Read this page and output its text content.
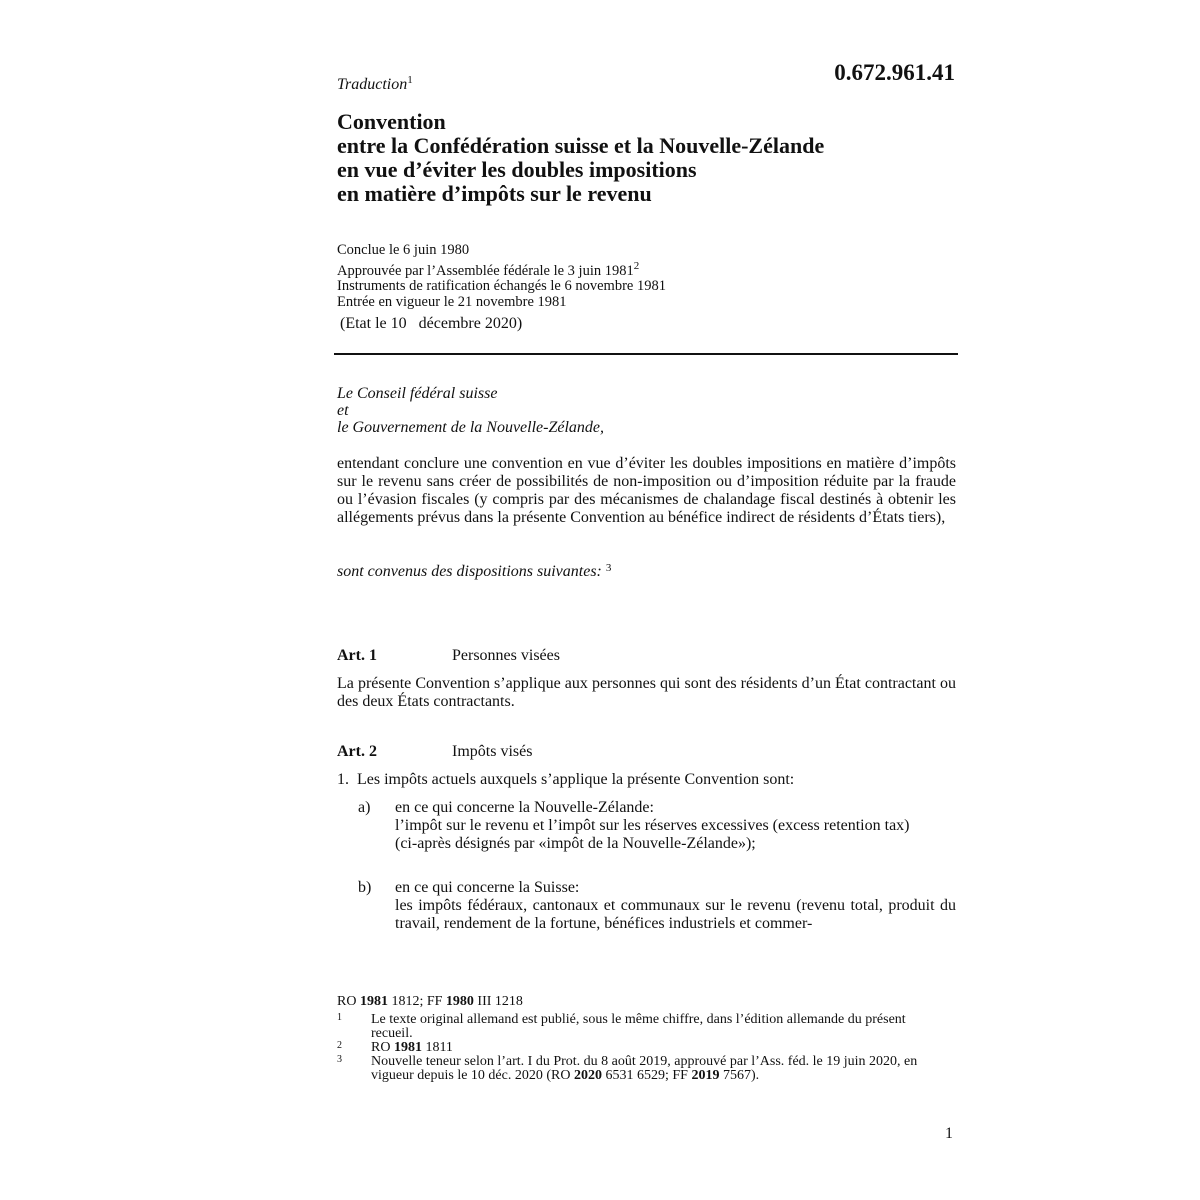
Traduction$^1$	0.672.961.41
Convention
entre la Confédération suisse et la Nouvelle-Zélande
en vue d’éviter les doubles impositions
en matière d’impôts sur le revenu
Conclue le 6 juin 1980
Approuvée par l’Assemblée fédérale le 3 juin 1981$^2$
Instruments de ratification échangés le 6 novembre 1981
Entrée en vigueur le 21 novembre 1981
(Etat le 10   décembre 2020)
Le Conseil fédéral suisse
et
le Gouvernement de la Nouvelle-Zélande,
entendant conclure une convention en vue d’éviter les doubles impositions en matière d’impôts sur le revenu sans créer de possibilités de non-imposition ou d’imposition réduite par la fraude ou l’évasion fiscales (y compris par des mécanismes de chalandage fiscal destinés à obtenir les allégements prévus dans la présente Convention au bénéfice indirect de résidents d’États tiers),
sont convenus des dispositions suivantes: $^3$
Art. 1	Personnes visées
La présente Convention s’applique aux personnes qui sont des résidents d’un État contractant ou des deux États contractants.
Art. 2	Impôts visés
1.  Les impôts actuels auxquels s’applique la présente Convention sont:
a) en ce qui concerne la Nouvelle-Zélande:
l’impôt sur le revenu et l’impôt sur les réserves excessives (excess retention tax)
(ci-après désignés par «impôt de la Nouvelle-Zélande»);
b) en ce qui concerne la Suisse:
les impôts fédéraux, cantonaux et communaux sur le revenu (revenu total, produit du travail, rendement de la fortune, bénéfices industriels et commer-
RO 1981 1812; FF 1980 III 1218
1 Le texte original allemand est publié, sous le même chiffre, dans l’édition allemande du présent recueil.
2 RO 1981 1811
3 Nouvelle teneur selon l’art. I du Prot. du 8 août 2019, approuvé par l’Ass. féd. le 19 juin 2020, en vigueur depuis le 10 déc. 2020 (RO 2020 6531 6529; FF 2019 7567).
1
